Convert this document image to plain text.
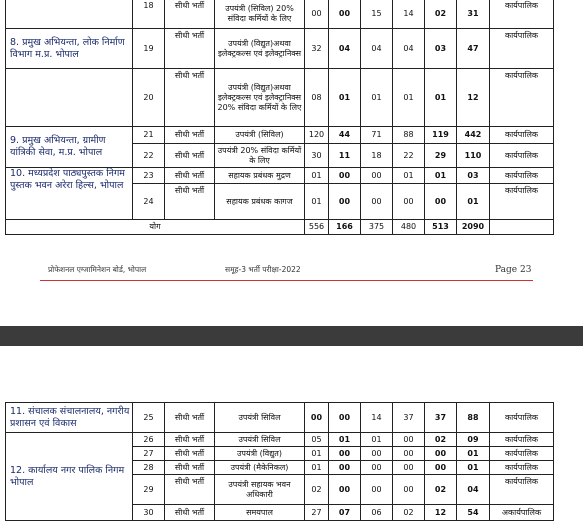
	18	सीधी भर्ती	उपयंत्री (सिविल) 20% संविदा कर्मियों के लिए	00	00	15	14	02	31	कार्यपालिक
8. प्रमुख अभियन्ता, लोक निर्माण विभाग म.प्र. भोपाल	19	सीधी भर्ती	उपयंत्री (विद्युत)अथवा इलेक्ट्रकल्स एवं इलेक्ट्रानिक्स	32	04	04	04	03	47	कार्यपालिक
	20	सीधी भर्ती	उपयंत्री (विद्युत)अथवा इलेक्ट्रकल्स एवं इलेक्ट्रानिक्स 20% संविदा कर्मियों के लिए	08	01	01	01	01	12	कार्यपालिक
9. प्रमुख अभियन्ता, ग्रामीण यांत्रिकी सेवा, म.प्र. भोपाल	21	सीधी भर्ती	उपयंत्री (सिविल)	120	44	71	88	119	442	कार्यपालिक
	22	सीधी भर्ती	उपयंत्री 20% संविदा कर्मियों के लिए	30	11	18	22	29	110	कार्यपालिक
10. मध्यप्रदेश पाठ्यपुस्तक निगम पुस्तक भवन अरेरा हिल्स, भोपाल	23	सीधी भर्ती	सहायक प्रबंधक मुद्रण	01	00	00	01	01	03	कार्यपालिक
	24	सीधी भर्ती	सहायक प्रबंधक कागज	01	00	00	00	00	01	कार्यपालिक
योग				556	166	375	480	513	2090	
प्रोफेशनल एग्जामिनेशन बोर्ड, भोपाल	समूह-3 भर्ती परीक्षा-2022	Page 23
11. संचालक संचालनालय, नगरीय प्रशासन एवं विकास	25	सीधी भर्ती	उपयंत्री सिविल	00	00	14	37	37	88	कार्यपालिक
12. कार्यालय नगर पालिक निगम भोपाल	26	सीधी भर्ती	उपयंत्री सिविल	05	01	01	00	02	09	कार्यपालिक
	27	सीधी भर्ती	उपयंत्री (विद्युत)	01	00	00	00	00	01	कार्यपालिक
	28	सीधी भर्ती	उपयंत्री (मैकेनिकल)	01	00	00	00	00	01	कार्यपालिक
	29	सीधी भर्ती	उपयंत्री सहायक भवन अधिकारी	02	00	00	00	02	04	कार्यपालिक
	30	सीधी भर्ती	समयपाल	27	07	06	02	12	54	अकार्यपालिक
